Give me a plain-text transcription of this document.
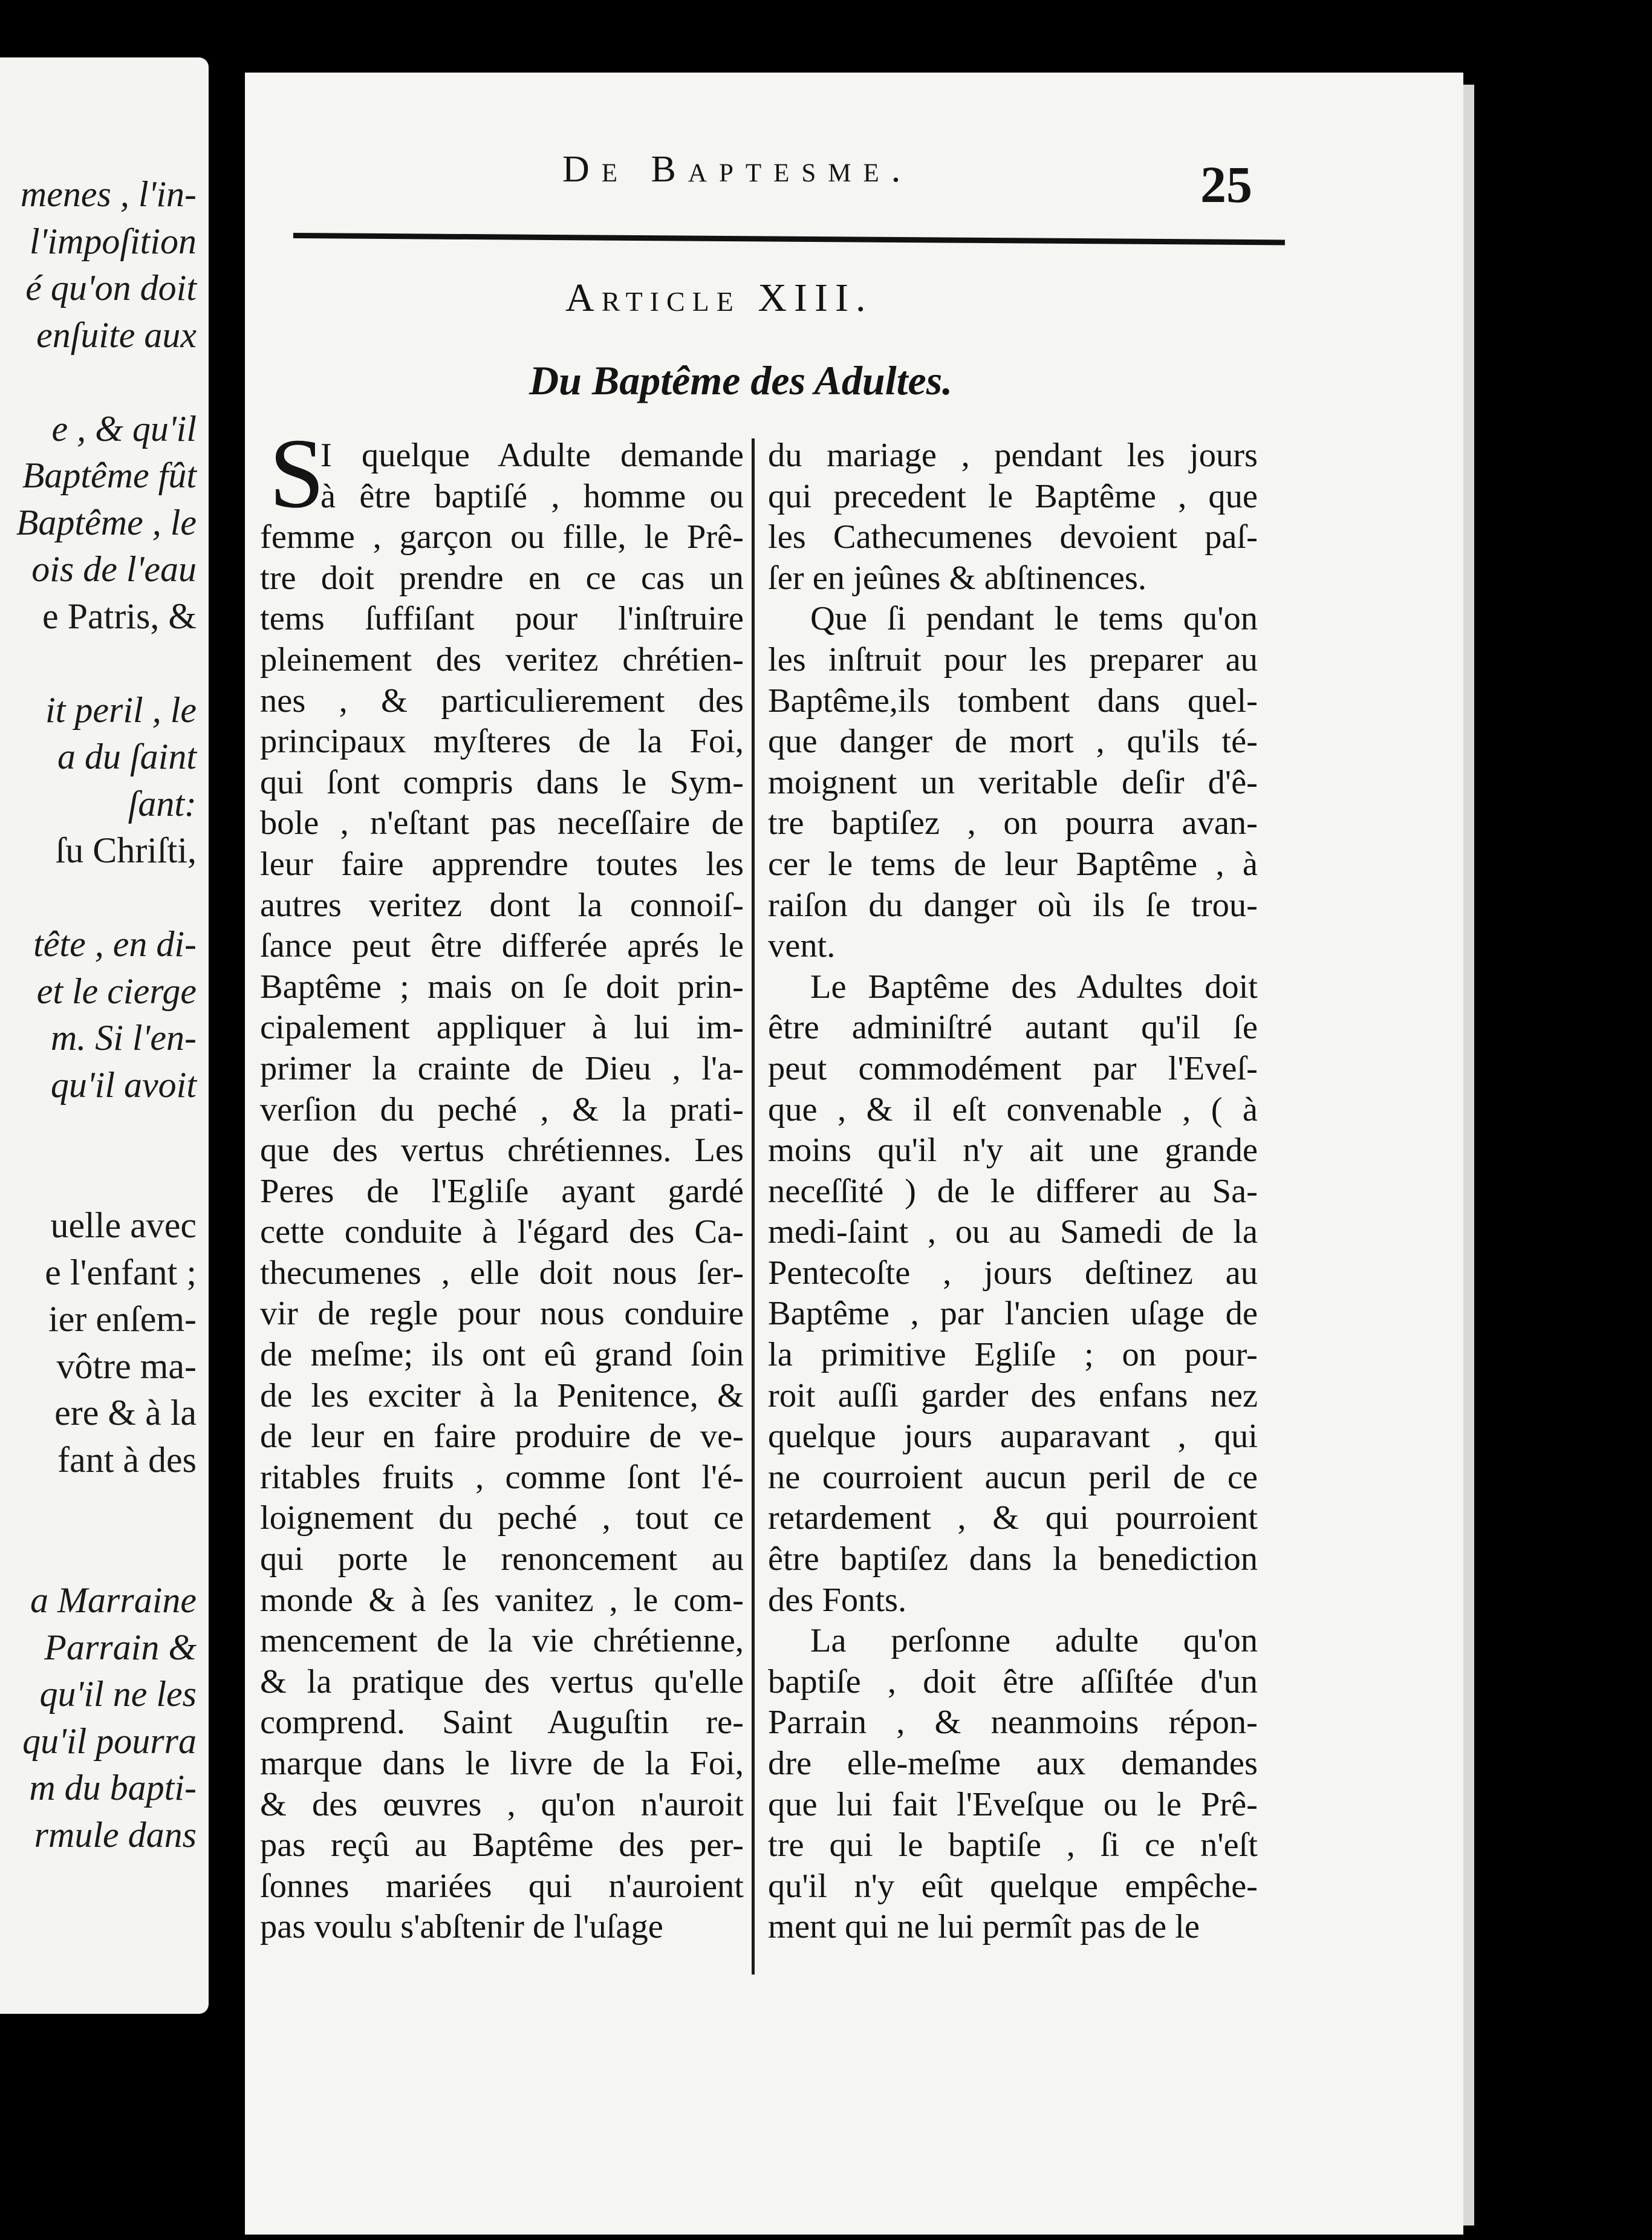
menes , l'in-
l'impoſition
é qu'on doit
enſuite aux
e , & qu'il
Baptême fût
Baptême , le
ois de l'eau
e Patris, &
it peril , le
a du ſaint
ſant:
ſu Chriſti,
tête , en di-
et le cierge
m. Si l'en-
qu'il avoit
uelle avec
e l'enfant ;
ier enſem-
vôtre ma-
ere & à la
fant à des
a Marraine
Parrain &
qu'il ne les
qu'il pourra
m du bapti-
rmule dans
De Bapteſme.	25
Article XIII.
Du Baptême des Adultes.
S
I quelque Adulte demande
à être baptiſé , homme ou
femme , garçon ou fille, le Prê-
tre doit prendre en ce cas un
tems ſuffiſant pour l'inſtruire
pleinement des veritez chrétien-
nes , & particulierement des
principaux myſteres de la Foi,
qui ſont compris dans le Sym-
bole , n'eſtant pas neceſſaire de
leur faire apprendre toutes les
autres veritez dont la connoiſ-
ſance peut être differée aprés le
Baptême ; mais on ſe doit prin-
cipalement appliquer à lui im-
primer la crainte de Dieu , l'a-
verſion du peché , & la prati-
que des vertus chrétiennes. Les
Peres de l'Egliſe ayant gardé
cette conduite à l'égard des Ca-
thecumenes , elle doit nous ſer-
vir de regle pour nous conduire
de meſme; ils ont eû grand ſoin
de les exciter à la Penitence, &
de leur en faire produire de ve-
ritables fruits , comme ſont l'é-
loignement du peché , tout ce
qui porte le renoncement au
monde & à ſes vanitez , le com-
mencement de la vie chrétienne,
& la pratique des vertus qu'elle
comprend. Saint Auguſtin re-
marque dans le livre de la Foi,
& des œuvres , qu'on n'auroit
pas reçû au Baptême des per-
ſonnes mariées qui n'auroient
pas voulu s'abſtenir de l'uſage
du mariage , pendant les jours
qui precedent le Baptême , que
les Cathecumenes devoient paſ-
ſer en jeûnes & abſtinences.
Que ſi pendant le tems qu'on
les inſtruit pour les preparer au
Baptême,ils tombent dans quel-
que danger de mort , qu'ils té-
moignent un veritable deſir d'ê-
tre baptiſez , on pourra avan-
cer le tems de leur Baptême , à
raiſon du danger où ils ſe trou-
vent.
Le Baptême des Adultes doit
être adminiſtré autant qu'il ſe
peut commodément par l'Eveſ-
que , & il eſt convenable , ( à
moins qu'il n'y ait une grande
neceſſité ) de le differer au Sa-
medi-ſaint , ou au Samedi de la
Pentecoſte , jours deſtinez au
Baptême , par l'ancien uſage de
la primitive Egliſe ; on pour-
roit auſſi garder des enfans nez
quelque jours auparavant , qui
ne courroient aucun peril de ce
retardement , & qui pourroient
être baptiſez dans la benediction
des Fonts.
La perſonne adulte qu'on
baptiſe , doit être aſſiſtée d'un
Parrain , & neanmoins répon-
dre elle-meſme aux demandes
que lui fait l'Eveſque ou le Prê-
tre qui le baptiſe , ſi ce n'eſt
qu'il n'y eût quelque empêche-
ment qui ne lui permît pas de le
